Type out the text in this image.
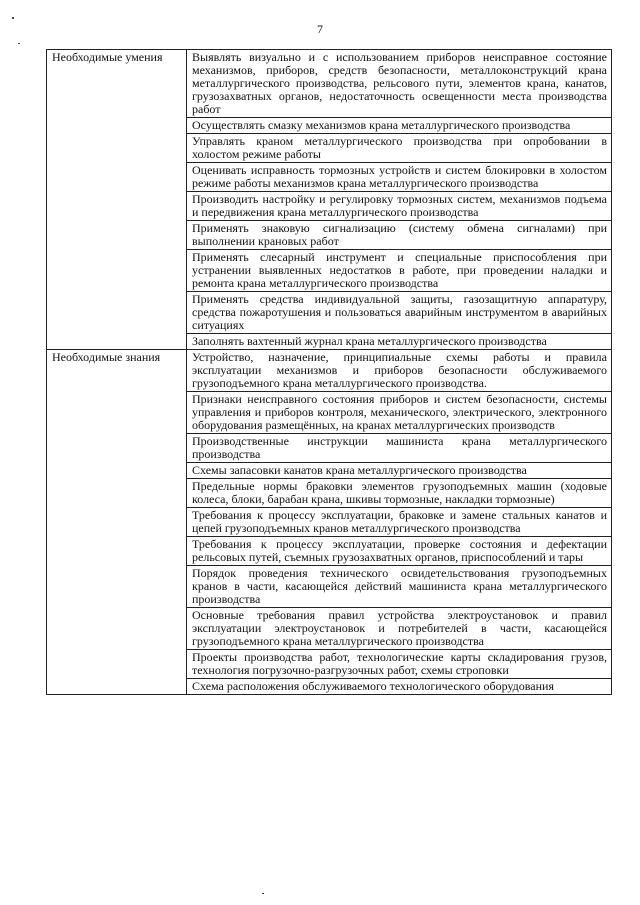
7
Необходимые умения	Выявлять визуально и с использованием приборов неисправное состояние механизмов, приборов, средств безопасности, металлоконструкций крана металлургического производства, рельсового пути, элементов крана, канатов, грузозахватных органов, недостаточность освещенности места производства работ

	Осуществлять смазку механизмов крана металлургического производства

	Управлять краном металлургического производства при опробовании в холостом режиме работы

	Оценивать исправность тормозных устройств и систем блокировки в холостом режиме работы механизмов крана металлургического производства

	Производить настройку и регулировку тормозных систем, механизмов подъема и передвижения крана металлургического производства

	Применять знаковую сигнализацию (систему обмена сигналами) при выполнении крановых работ

	Применять слесарный инструмент и специальные приспособления при устранении выявленных недостатков в работе, при проведении наладки и ремонта крана металлургического производства

	Применять средства индивидуальной защиты, газозащитную аппаратуру, средства пожаротушения и пользоваться аварийным инструментом в аварийных ситуациях

	Заполнять вахтенный журнал крана металлургического производства

Необходимые знания	Устройство, назначение, принципиальные схемы работы и правила эксплуатации механизмов и приборов безопасности обслуживаемого грузоподъемного крана металлургического производства.

	Признаки неисправного состояния приборов и систем безопасности, системы управления и приборов контроля, механического, электрического, электронного оборудования размещённых, на кранах металлургических производств

	Производственные инструкции машиниста крана металлургического производства

	Схемы запасовки канатов крана металлургического производства

	Предельные нормы браковки элементов грузоподъемных машин (ходовые колеса, блоки, барабан крана, шкивы тормозные, накладки тормозные)

	Требования к процессу эксплуатации, браковке и замене стальных канатов и цепей грузоподъемных кранов металлургического производства

	Требования к процессу эксплуатации, проверке состояния и дефектации рельсовых путей, съемных грузозахватных органов, приспособлений и тары

	Порядок проведения технического освидетельствования грузоподъемных кранов в части, касающейся действий машиниста крана металлургического производства

	Основные требования правил устройства электроустановок и правил эксплуатации электроустановок и потребителей в части, касающейся грузоподъемного крана металлургического производства

	Проекты производства работ, технологические карты складирования грузов, технология погрузочно-разгрузочных работ, схемы строповки

	Схема расположения обслуживаемого технологического оборудования
